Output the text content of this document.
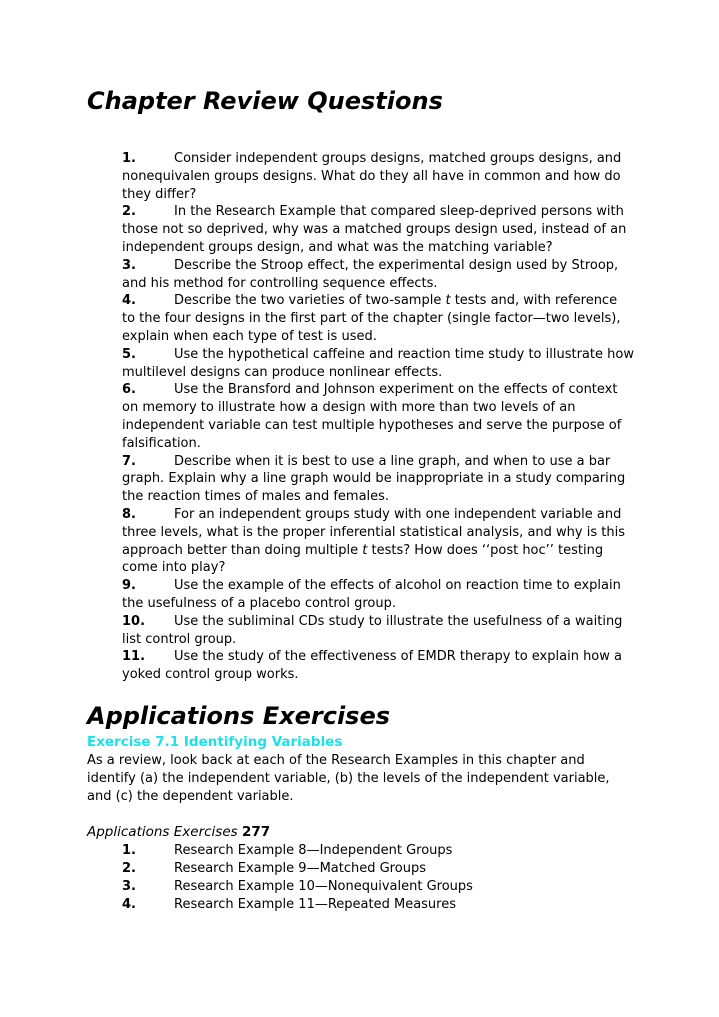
Chapter Review Questions
1.	Consider independent groups designs, matched groups designs, and nonequivalen groups designs. What do they all have in common and how do they differ?
2.	In the Research Example that compared sleep-deprived persons with those not so deprived, why was a matched groups design used, instead of an independent groups design, and what was the matching variable?
3.	Describe the Stroop effect, the experimental design used by Stroop, and his method for controlling sequence effects.
4.	Describe the two varieties of two-sample t tests and, with reference to the four designs in the first part of the chapter (single factor—two levels), explain when each type of test is used.
5.	Use the hypothetical caffeine and reaction time study to illustrate how multilevel designs can produce nonlinear effects.
6.	Use the Bransford and Johnson experiment on the effects of context on memory to illustrate how a design with more than two levels of an independent variable can test multiple hypotheses and serve the purpose of falsification.
7.	Describe when it is best to use a line graph, and when to use a bar graph. Explain why a line graph would be inappropriate in a study comparing the reaction times of males and females.
8.	For an independent groups study with one independent variable and three levels, what is the proper inferential statistical analysis, and why is this approach better than doing multiple t tests? How does ‘‘post hoc’’ testing come into play?
9.	Use the example of the effects of alcohol on reaction time to explain the usefulness of a placebo control group.
10. Use the subliminal CDs study to illustrate the usefulness of a waiting list control group.
11. Use the study of the effectiveness of EMDR therapy to explain how a yoked control group works.
Applications Exercises
Exercise 7.1 Identifying Variables
As a review, look back at each of the Research Examples in this chapter and identify (a) the independent variable, (b) the levels of the independent variable, and (c) the dependent variable.
Applications Exercises 277
1.	Research Example 8—Independent Groups
2.	Research Example 9—Matched Groups
3.	Research Example 10—Nonequivalent Groups
4.	Research Example 11—Repeated Measures
